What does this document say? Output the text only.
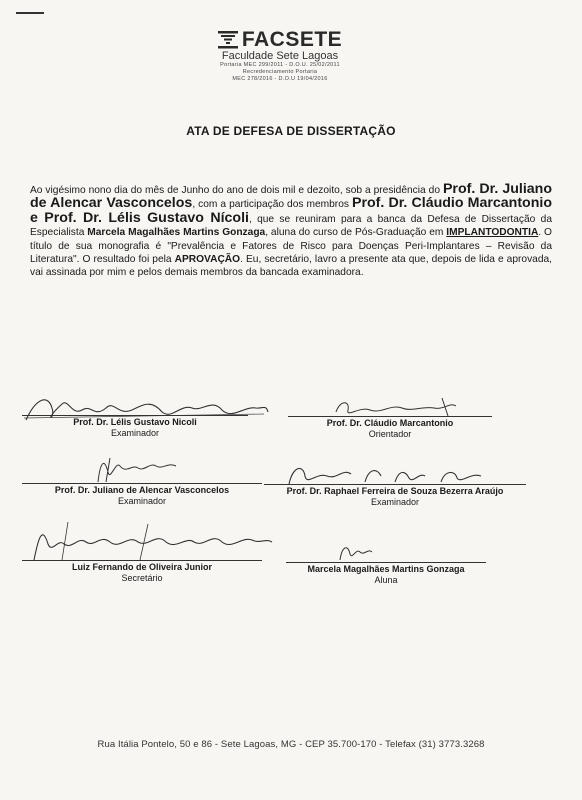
FACSETE
Faculdade Sete Lagoas
Portaria MEC 299/2011 - D.O.U. 25/02/2011
Recredenciamento Portaria
MEC 278/2016 - D.O.U 19/04/2016
ATA DE DEFESA DE DISSERTAÇÃO
Ao vigésimo nono dia do mês de Junho do ano de dois mil e dezoito, sob a presidência do Prof. Dr. Juliano de Alencar Vasconcelos, com a participação dos membros Prof. Dr. Cláudio Marcantonio e Prof. Dr. Lélis Gustavo Nícoli, que se reuniram para a banca da Defesa de Dissertação da Especialista Marcela Magalhães Martins Gonzaga, aluna do curso de Pós-Graduação em IMPLANTODONTIA. O título de sua monografia é "Prevalência e Fatores de Risco para Doenças Peri-Implantares – Revisão da Literatura". O resultado foi pela APROVAÇÃO. Eu, secretário, lavro a presente ata que, depois de lida e aprovada, vai assinada por mim e pelos demais membros da bancada examinadora.
Prof. Dr. Lélis Gustavo Nicoli
Examinador
Prof. Dr. Cláudio Marcantonio
Orientador
Prof. Dr. Juliano de Alencar Vasconcelos
Examinador
Prof. Dr. Raphael Ferreira de Souza Bezerra Araújo
Examinador
Luiz Fernando de Oliveira Junior
Secretário
Marcela Magalhães Martins Gonzaga
Aluna
Rua Itália Pontelo, 50 e 86 - Sete Lagoas, MG - CEP 35.700-170 - Telefax (31) 3773.3268
